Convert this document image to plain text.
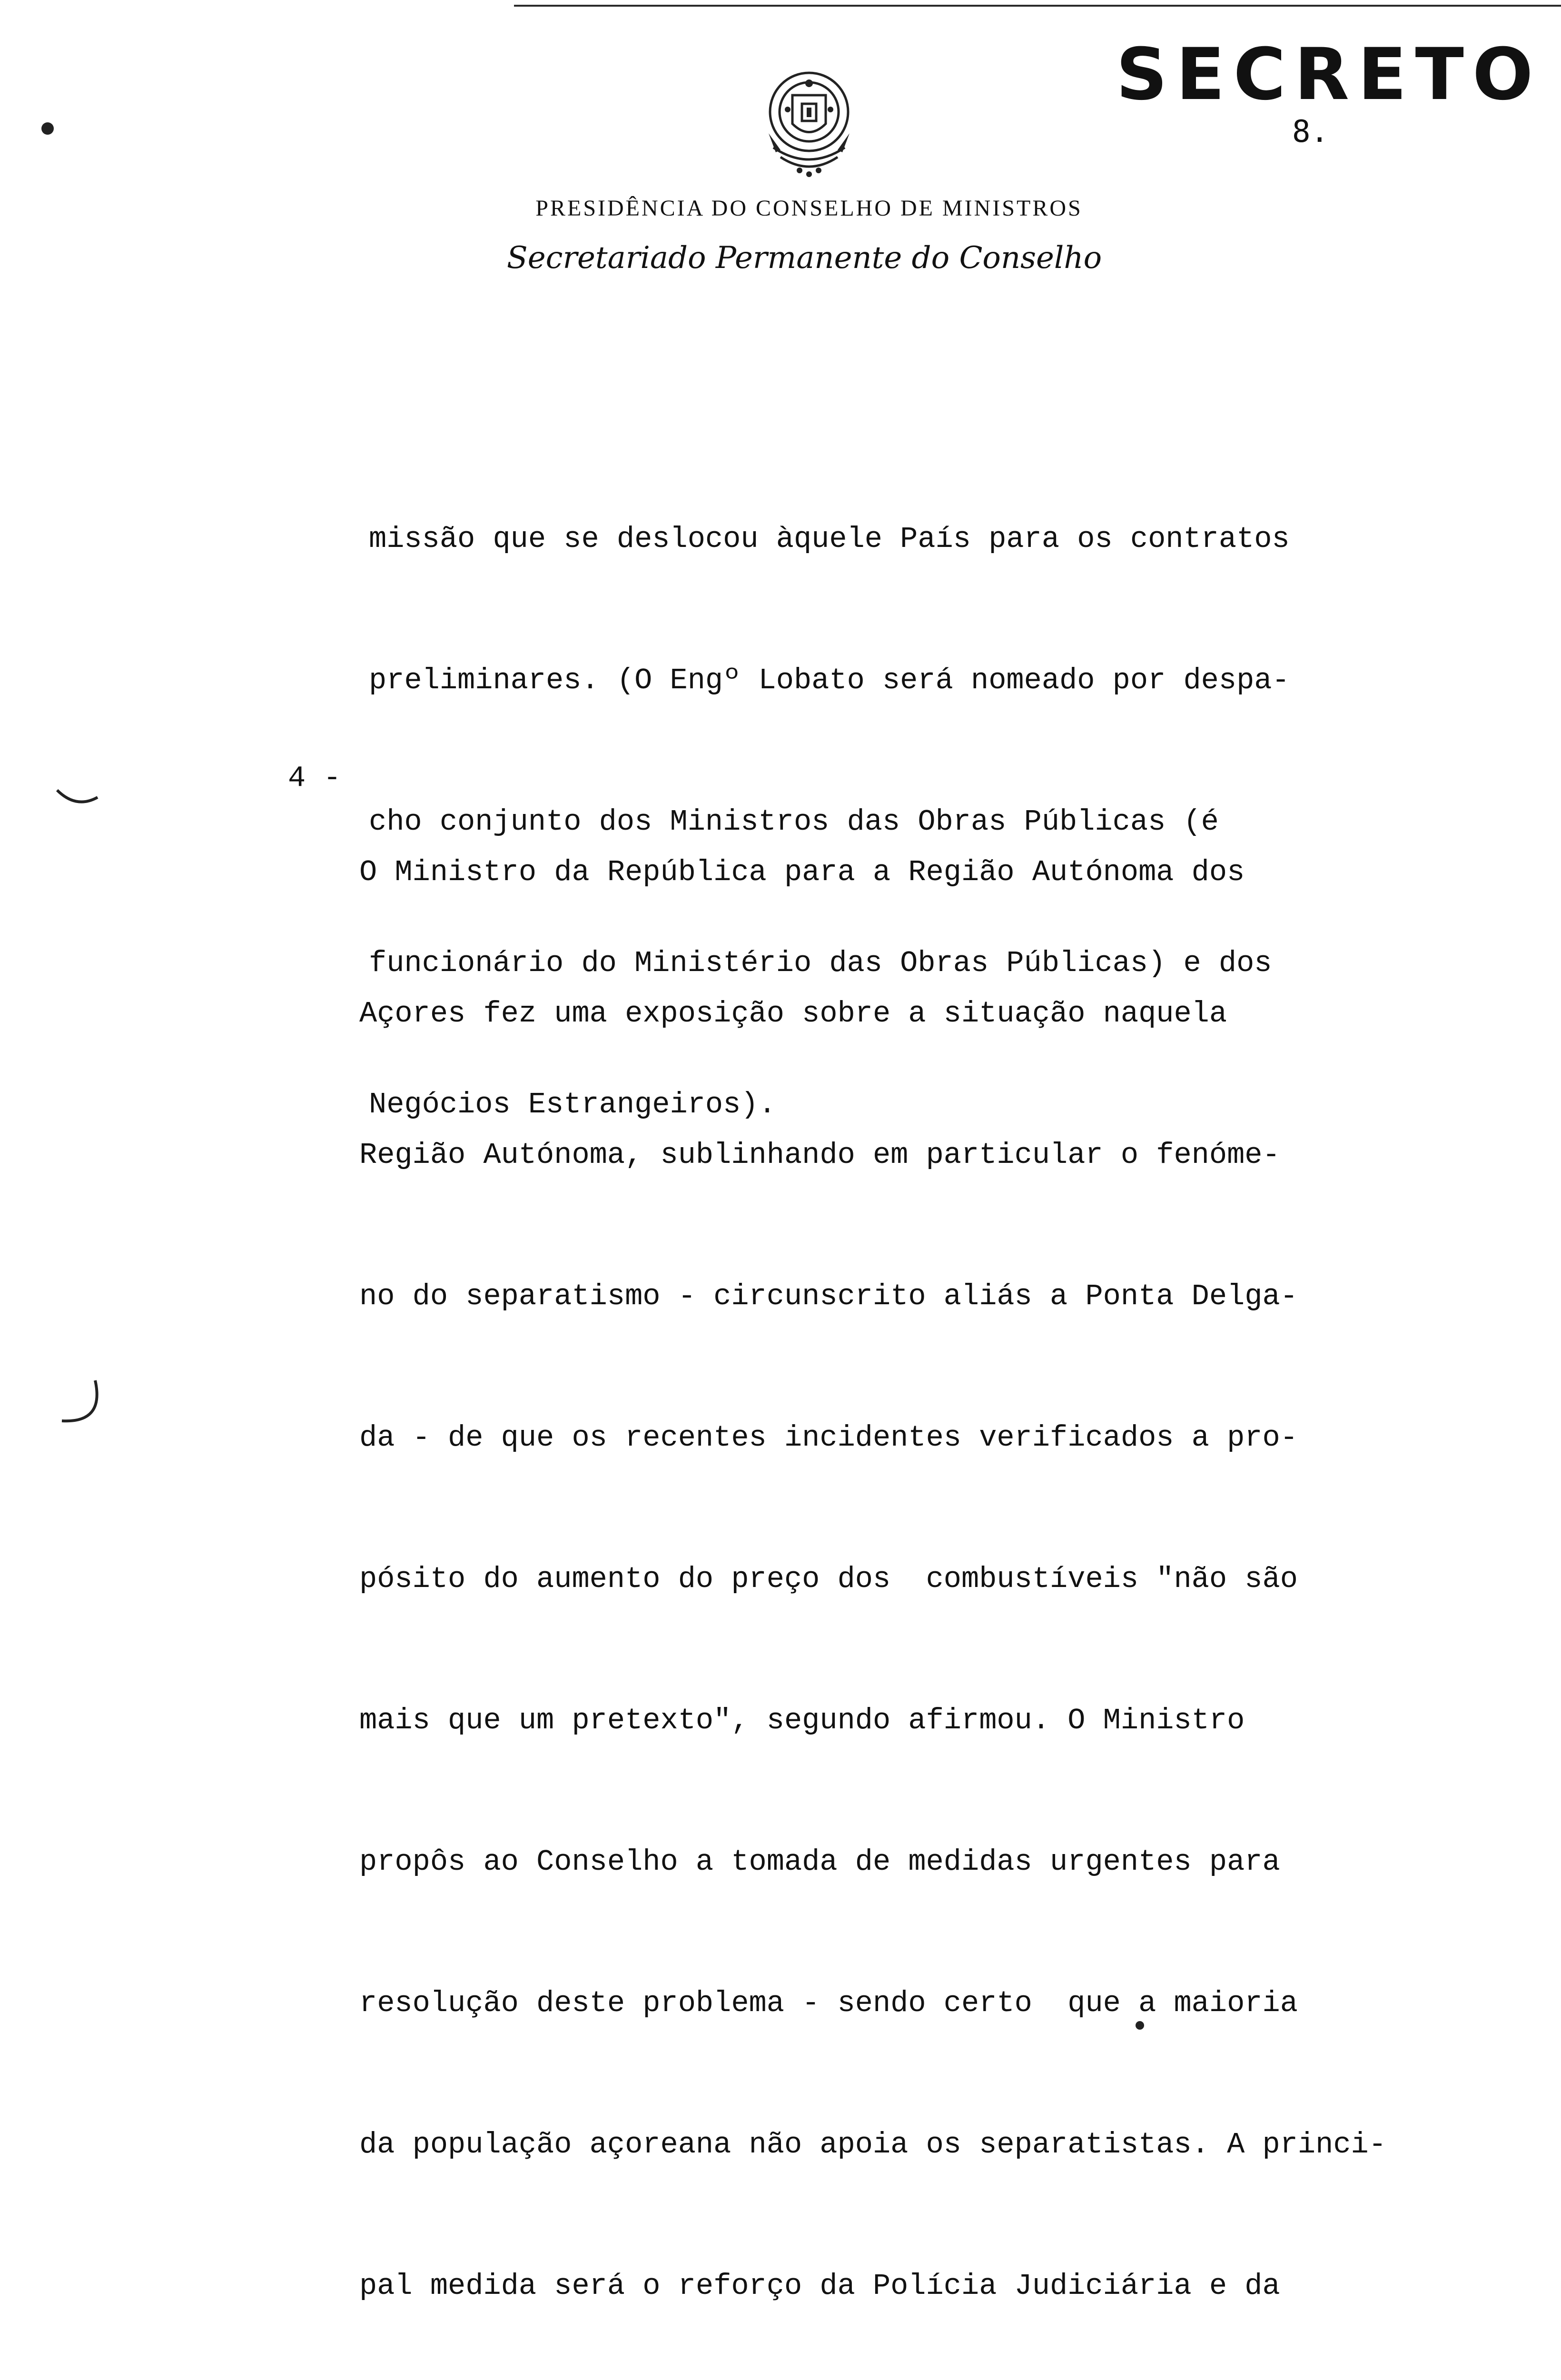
SECRETO
8.
PRESIDÊNCIA DO CONSELHO DE MINISTROS
Secretariado Permanente do Conselho

missão que se deslocou àquele País para os contratos

preliminares. (O Engº Lobato será nomeado por despa-

cho conjunto dos Ministros das Obras Públicas (é

funcionário do Ministério das Obras Públicas) e dos

Negócios Estrangeiros).

4 -

O Ministro da República para a Região Autónoma dos

Açores fez uma exposição sobre a situação naquela

Região Autónoma, sublinhando em particular o fenóme-

no do separatismo - circunscrito aliás a Ponta Delga-

da - de que os recentes incidentes verificados a pro-

pósito do aumento do preço dos  combustíveis "não são

mais que um pretexto", segundo afirmou. O Ministro

propôs ao Conselho a tomada de medidas urgentes para

resolução deste problema - sendo certo  que a maioria

da população açoreana não apoia os separatistas. A princi-

pal medida será o reforço da Polícia Judiciária e da
